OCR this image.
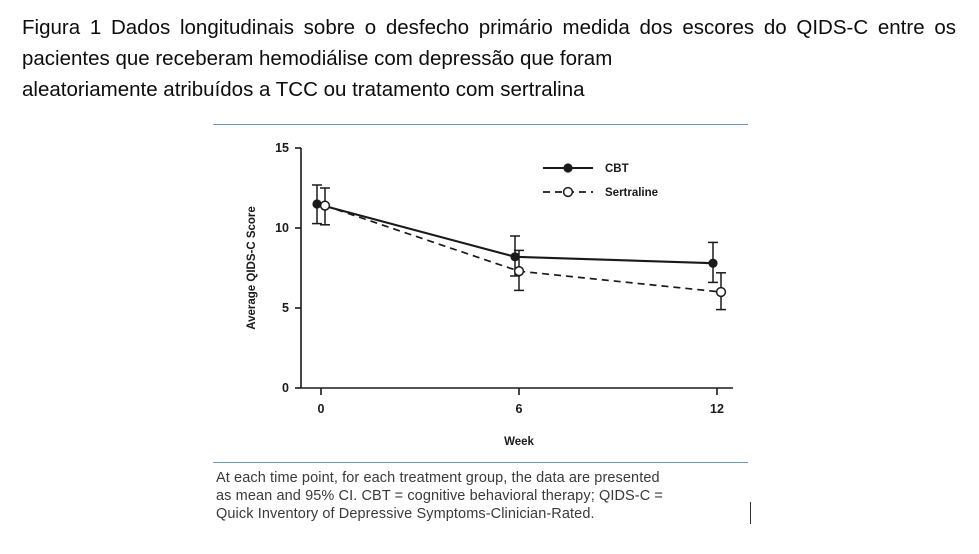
Figura 1 Dados longitudinais sobre o desfecho primário medida dos escores do QIDS-C entre os pacientes que receberam hemodiálise com depressão que foram
aleatoriamente atribuídos a TCC ou tratamento com sertralina
0
5
10
15
0	6	12
Average QIDS-C Score
Week
CBT
Sertraline
At each time point, for each treatment group, the data are presented
as mean and 95% CI. CBT = cognitive behavioral therapy; QIDS-C =
Quick Inventory of Depressive Symptoms-Clinician-Rated.
